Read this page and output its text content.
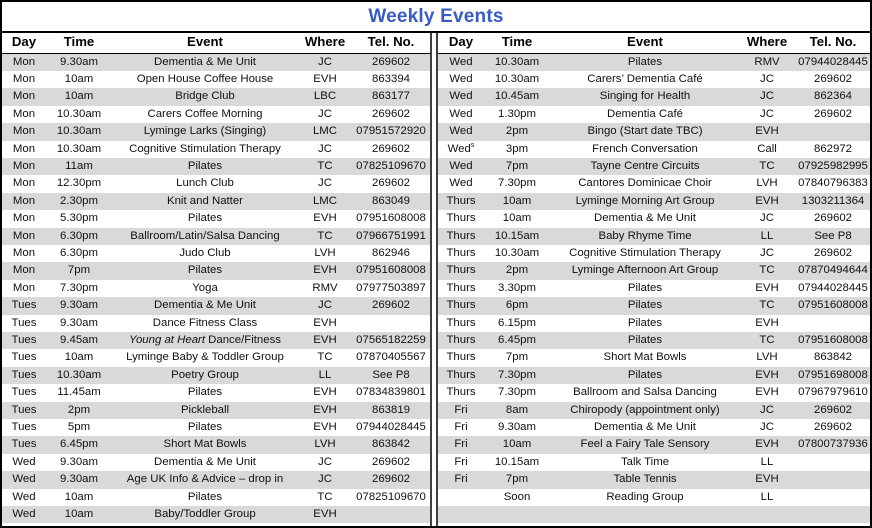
Weekly Events
Day	Time	Event	Where	Tel. No.
Mon	9.30am	Dementia & Me Unit	JC	269602
Mon	10am	Open House Coffee House	EVH	863394
Mon	10am	Bridge Club	LBC	863177
Mon	10.30am	Carers Coffee Morning	JC	269602
Mon	10.30am	Lyminge Larks (Singing)	LMC	07951572920
Mon	10.30am	Cognitive Stimulation Therapy	JC	269602
Mon	11am	Pilates	TC	07825109670
Mon	12.30pm	Lunch Club	JC	269602
Mon	2.30pm	Knit and Natter	LMC	863049
Mon	5.30pm	Pilates	EVH	07951608008
Mon	6.30pm	Ballroom/Latin/Salsa Dancing	TC	07966751991
Mon	6.30pm	Judo Club	LVH	862946
Mon	7pm	Pilates	EVH	07951608008
Mon	7.30pm	Yoga	RMV	07977503897
Tues	9.30am	Dementia & Me Unit	JC	269602
Tues	9.30am	Dance Fitness Class	EVH	
Tues	9.45am	Young at Heart Dance/Fitness	EVH	07565182259
Tues	10am	Lyminge Baby & Toddler Group	TC	07870405567
Tues	10.30am	Poetry Group	LL	See P8
Tues	11.45am	Pilates	EVH	07834839801
Tues	2pm	Pickleball	EVH	863819
Tues	5pm	Pilates	EVH	07944028445
Tues	6.45pm	Short Mat Bowls	LVH	863842
Wed	9.30am	Dementia & Me Unit	JC	269602
Wed	9.30am	Age UK Info & Advice – drop in	JC	269602
Wed	10am	Pilates	TC	07825109670
Wed	10am	Baby/Toddler Group	EVH	
Day	Time	Event	Where	Tel. No.
Wed	10.30am	Pilates	RMV	07944028445
Wed	10.30am	Carers’ Dementia Café	JC	269602
Wed	10.45am	Singing for Health	JC	862364
Wed	1.30pm	Dementia Café	JC	269602
Wed	2pm	Bingo (Start date TBC)	EVH	
Wed$^s$	3pm	French Conversation	Call	862972
Wed	7pm	Tayne Centre Circuits	TC	07925982995
Wed	7.30pm	Cantores Dominicae Choir	LVH	07840796383
Thurs	10am	Lyminge Morning Art Group	EVH	1303211364
Thurs	10am	Dementia & Me Unit	JC	269602
Thurs	10.15am	Baby Rhyme Time	LL	See P8
Thurs	10.30am	Cognitive Stimulation Therapy	JC	269602
Thurs	2pm	Lyminge Afternoon Art Group	TC	07870494644
Thurs	3.30pm	Pilates	EVH	07944028445
Thurs	6pm	Pilates	TC	07951608008
Thurs	6.15pm	Pilates	EVH	
Thurs	6.45pm	Pilates	TC	07951608008
Thurs	7pm	Short Mat Bowls	LVH	863842
Thurs	7.30pm	Pilates	EVH	07951698008
Thurs	7.30pm	Ballroom and Salsa Dancing	EVH	07967979610
Fri	8am	Chiropody (appointment only)	JC	269602
Fri	9.30am	Dementia & Me Unit	JC	269602
Fri	10am	Feel a Fairy Tale Sensory	EVH	07800737936
Fri	10.15am	Talk Time	LL	
Fri	7pm	Table Tennis	EVH	
	Soon	Reading Group	LL	
